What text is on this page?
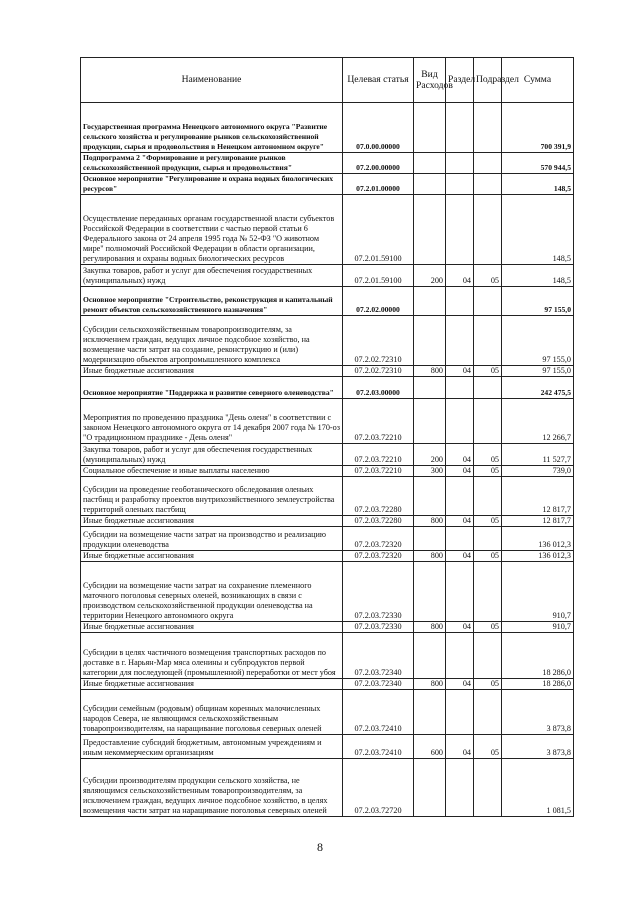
Наименование	Целевая статья	Вид Расходов	Раздел	Подраздел	Сумма
Государственная программа Ненецкого автономного округа "Развитие сельского хозяйства и регулирование рынков сельскохозяйственной продукции, сырья и продовольствия в Ненецком автономном округе"	07.0.00.00000				700 391,9
Подпрограмма 2 "Формирование и регулирование рынков сельскохозяйственной продукции, сырья и продовольствия"	07.2.00.00000				570 944,5
Основное мероприятие "Регулирование и охрана водных биологических ресурсов"	07.2.01.00000				148,5
Осуществление переданных органам государственной власти субъектов Российской Федерации в соответствии с частью первой статьи 6 Федерального закона от 24 апреля 1995 года № 52-ФЗ "О животном мире" полномочий Российской Федерации в области организации, регулирования и охраны водных биологических ресурсов	07.2.01.59100				148,5
Закупка товаров, работ и услуг для обеспечения государственных (муниципальных) нужд	07.2.01.59100	200	04	05	148,5
Основное мероприятие "Строительство, реконструкция и капитальный ремонт объектов сельскохозяйственного назначения"	07.2.02.00000				97 155,0
Субсидии сельскохозяйственным товаропроизводителям, за исключением граждан, ведущих личное подсобное хозяйство, на возмещение части затрат на создание, реконструкцию и (или) модернизацию объектов агропромышленного комплекса	07.2.02.72310				97 155,0
Иные бюджетные ассигнования	07.2.02.72310	800	04	05	97 155,0
Основное мероприятие "Поддержка и развитие северного оленеводства"	07.2.03.00000				242 475,5
Мероприятия по проведению праздника "День оленя" в соответствии с законом Ненецкого автономного округа от 14 декабря 2007 года № 170-оз "О традиционном празднике - День оленя"	07.2.03.72210				12 266,7
Закупка товаров, работ и услуг для обеспечения государственных (муниципальных) нужд	07.2.03.72210	200	04	05	11 527,7
Социальное обеспечение и иные выплаты населению	07.2.03.72210	300	04	05	739,0
Субсидии на проведение геоботанического обследования оленьих пастбищ и разработку проектов внутрихозяйственного землеустройства территорий оленьих пастбищ	07.2.03.72280				12 817,7
Иные бюджетные ассигнования	07.2.03.72280	800	04	05	12 817,7
Субсидии на возмещение части затрат на производство и реализацию продукции оленеводства	07.2.03.72320				136 012,3
Иные бюджетные ассигнования	07.2.03.72320	800	04	05	136 012,3
Субсидии на возмещение части затрат на сохранение племенного маточного поголовья северных оленей, возникающих в связи с производством сельскохозяйственной продукции оленеводства на территории Ненецкого автономного округа	07.2.03.72330				910,7
Иные бюджетные ассигнования	07.2.03.72330	800	04	05	910,7
Субсидии в целях частичного возмещения транспортных расходов по доставке в г. Нарьян-Мар мяса оленины и субпродуктов первой категории для последующей (промышленной) переработки от мест убоя	07.2.03.72340				18 286,0
Иные бюджетные ассигнования	07.2.03.72340	800	04	05	18 286,0
Субсидии семейным (родовым) общинам коренных малочисленных народов Севера, не являющимся сельскохозяйственным товаропроизводителям, на наращивание поголовья северных оленей	07.2.03.72410				3 873,8
Предоставление субсидий бюджетным, автономным учреждениям и иным некоммерческим организациям	07.2.03.72410	600	04	05	3 873,8
Субсидии производителям продукции сельского хозяйства, не являющимся сельскохозяйственным товаропроизводителям, за исключением граждан, ведущих личное подсобное хозяйство, в целях возмещения части затрат на наращивание поголовья северных оленей	07.2.03.72720				1 081,5
8
